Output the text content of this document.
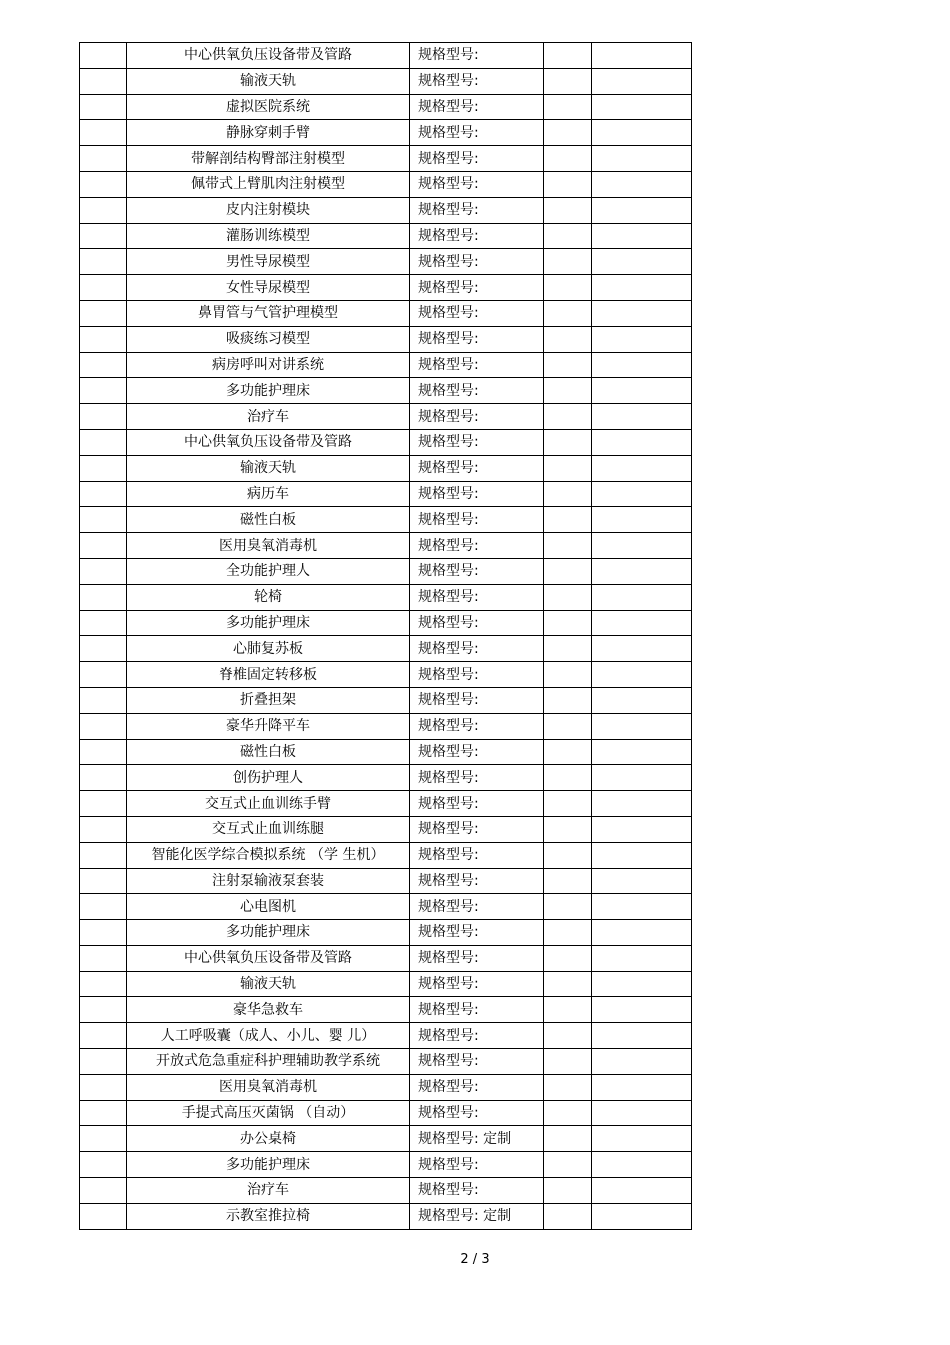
	中心供氧负压设备带及管路	规格型号:		
	输液天轨	规格型号:		
	虚拟医院系统	规格型号:		
	静脉穿刺手臂	规格型号:		
	带解剖结构臀部注射模型	规格型号:		
	佩带式上臂肌肉注射模型	规格型号:		
	皮内注射模块	规格型号:		
	灌肠训练模型	规格型号:		
	男性导尿模型	规格型号:		
	女性导尿模型	规格型号:		
	鼻胃管与气管护理模型	规格型号:		
	吸痰练习模型	规格型号:		
	病房呼叫对讲系统	规格型号:		
	多功能护理床	规格型号:		
	治疗车	规格型号:		
	中心供氧负压设备带及管路	规格型号:		
	输液天轨	规格型号:		
	病历车	规格型号:		
	磁性白板	规格型号:		
	医用臭氧消毒机	规格型号:		
	全功能护理人	规格型号:		
	轮椅	规格型号:		
	多功能护理床	规格型号:		
	心肺复苏板	规格型号:		
	脊椎固定转移板	规格型号:		
	折叠担架	规格型号:		
	豪华升降平车	规格型号:		
	磁性白板	规格型号:		
	创伤护理人	规格型号:		
	交互式止血训练手臂	规格型号:		
	交互式止血训练腿	规格型号:		
	智能化医学综合模拟系统 （学 生机）	规格型号:		
	注射泵输液泵套装	规格型号:		
	心电图机	规格型号:		
	多功能护理床	规格型号:		
	中心供氧负压设备带及管路	规格型号:		
	输液天轨	规格型号:		
	豪华急救车	规格型号:		
	人工呼吸囊（成人、小儿、婴 儿）	规格型号:		
	开放式危急重症科护理辅助教学系统	规格型号:		
	医用臭氧消毒机	规格型号:		
	手提式高压灭菌锅 （自动）	规格型号:		
	办公桌椅	规格型号: 定制		
	多功能护理床	规格型号:		
	治疗车	规格型号:		
	示教室推拉椅	规格型号: 定制		
2 / 3
